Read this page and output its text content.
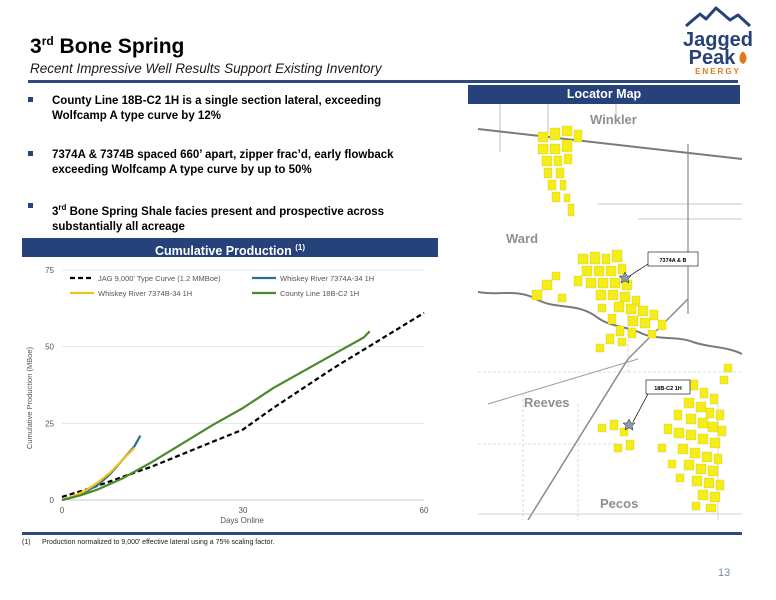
3rd Bone Spring
Recent Impressive Well Results Support Existing Inventory
Jagged
Peak
ENERGY
County Line 18B-C2 1H is a single section lateral, exceeding Wolfcamp A type curve by 12%
7374A & 7374B spaced 660’ apart, zipper frac’d, early flowback exceeding Wolfcamp A type curve by up to 50%
3rd Bone Spring Shale facies present and prospective across substantially all acreage
Cumulative Production $^{(1)}$
Locator Map
0
25
50
75
0	30	60
JAG 9,000' Type Curve (1.2 MMBoe)	Whiskey River 7374A-34 1H
Whiskey River 7374B-34 1H	County Line 18B-C2 1H
Days Online
Cumulative Production (MBoe)
Winkler
Ward
Reeves
Pecos
7374A & B
18B-C2 1H
(1) Production normalized to 9,000' effective lateral using a 75% scaling factor.
13
